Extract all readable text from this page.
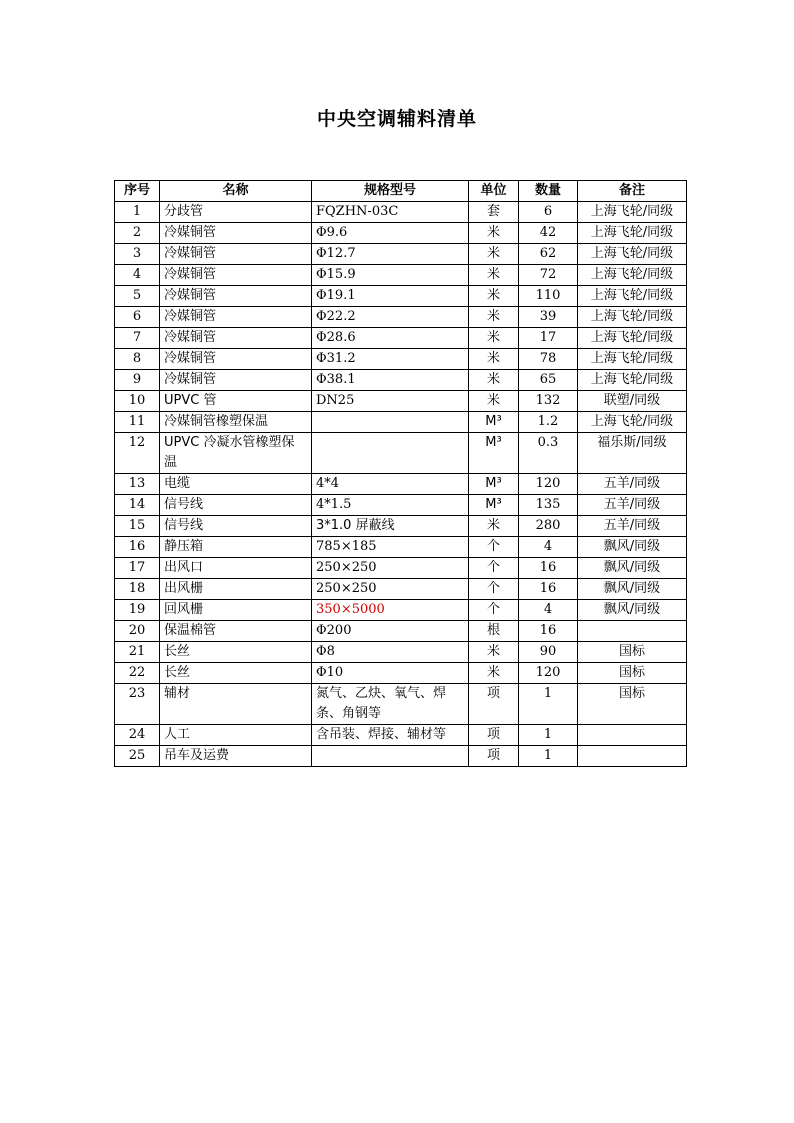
中央空调辅料清单
序号	名称	规格型号	单位	数量	备注
1	分歧管	FQZHN-03C	套	6	上海飞轮/同级
2	冷媒铜管	Φ9.6	米	42	上海飞轮/同级
3	冷媒铜管	Φ12.7	米	62	上海飞轮/同级
4	冷媒铜管	Φ15.9	米	72	上海飞轮/同级
5	冷媒铜管	Φ19.1	米	110	上海飞轮/同级
6	冷媒铜管	Φ22.2	米	39	上海飞轮/同级
7	冷媒铜管	Φ28.6	米	17	上海飞轮/同级
8	冷媒铜管	Φ31.2	米	78	上海飞轮/同级
9	冷媒铜管	Φ38.1	米	65	上海飞轮/同级
10	UPVC 管	DN25	米	132	联塑/同级
11	冷媒铜管橡塑保温		M³	1.2	上海飞轮/同级
12	UPVC 冷凝水管橡塑保温		M³	0.3	福乐斯/同级
13	电缆	4*4	M³	120	五羊/同级
14	信号线	4*1.5	M³	135	五羊/同级
15	信号线	3*1.0 屏蔽线	米	280	五羊/同级
16	静压箱	785×185	个	4	飘风/同级
17	出风口	250×250	个	16	飘风/同级
18	出风栅	250×250	个	16	飘风/同级
19	回风栅	350×5000	个	4	飘风/同级
20	保温棉管	Φ200	根	16	
21	长丝	Φ8	米	90	国标
22	长丝	Φ10	米	120	国标
23	辅材	氮气、乙炔、氧气、焊条、角钢等	项	1	国标
24	人工	含吊装、焊接、辅材等	项	1	
25	吊车及运费		项	1	
